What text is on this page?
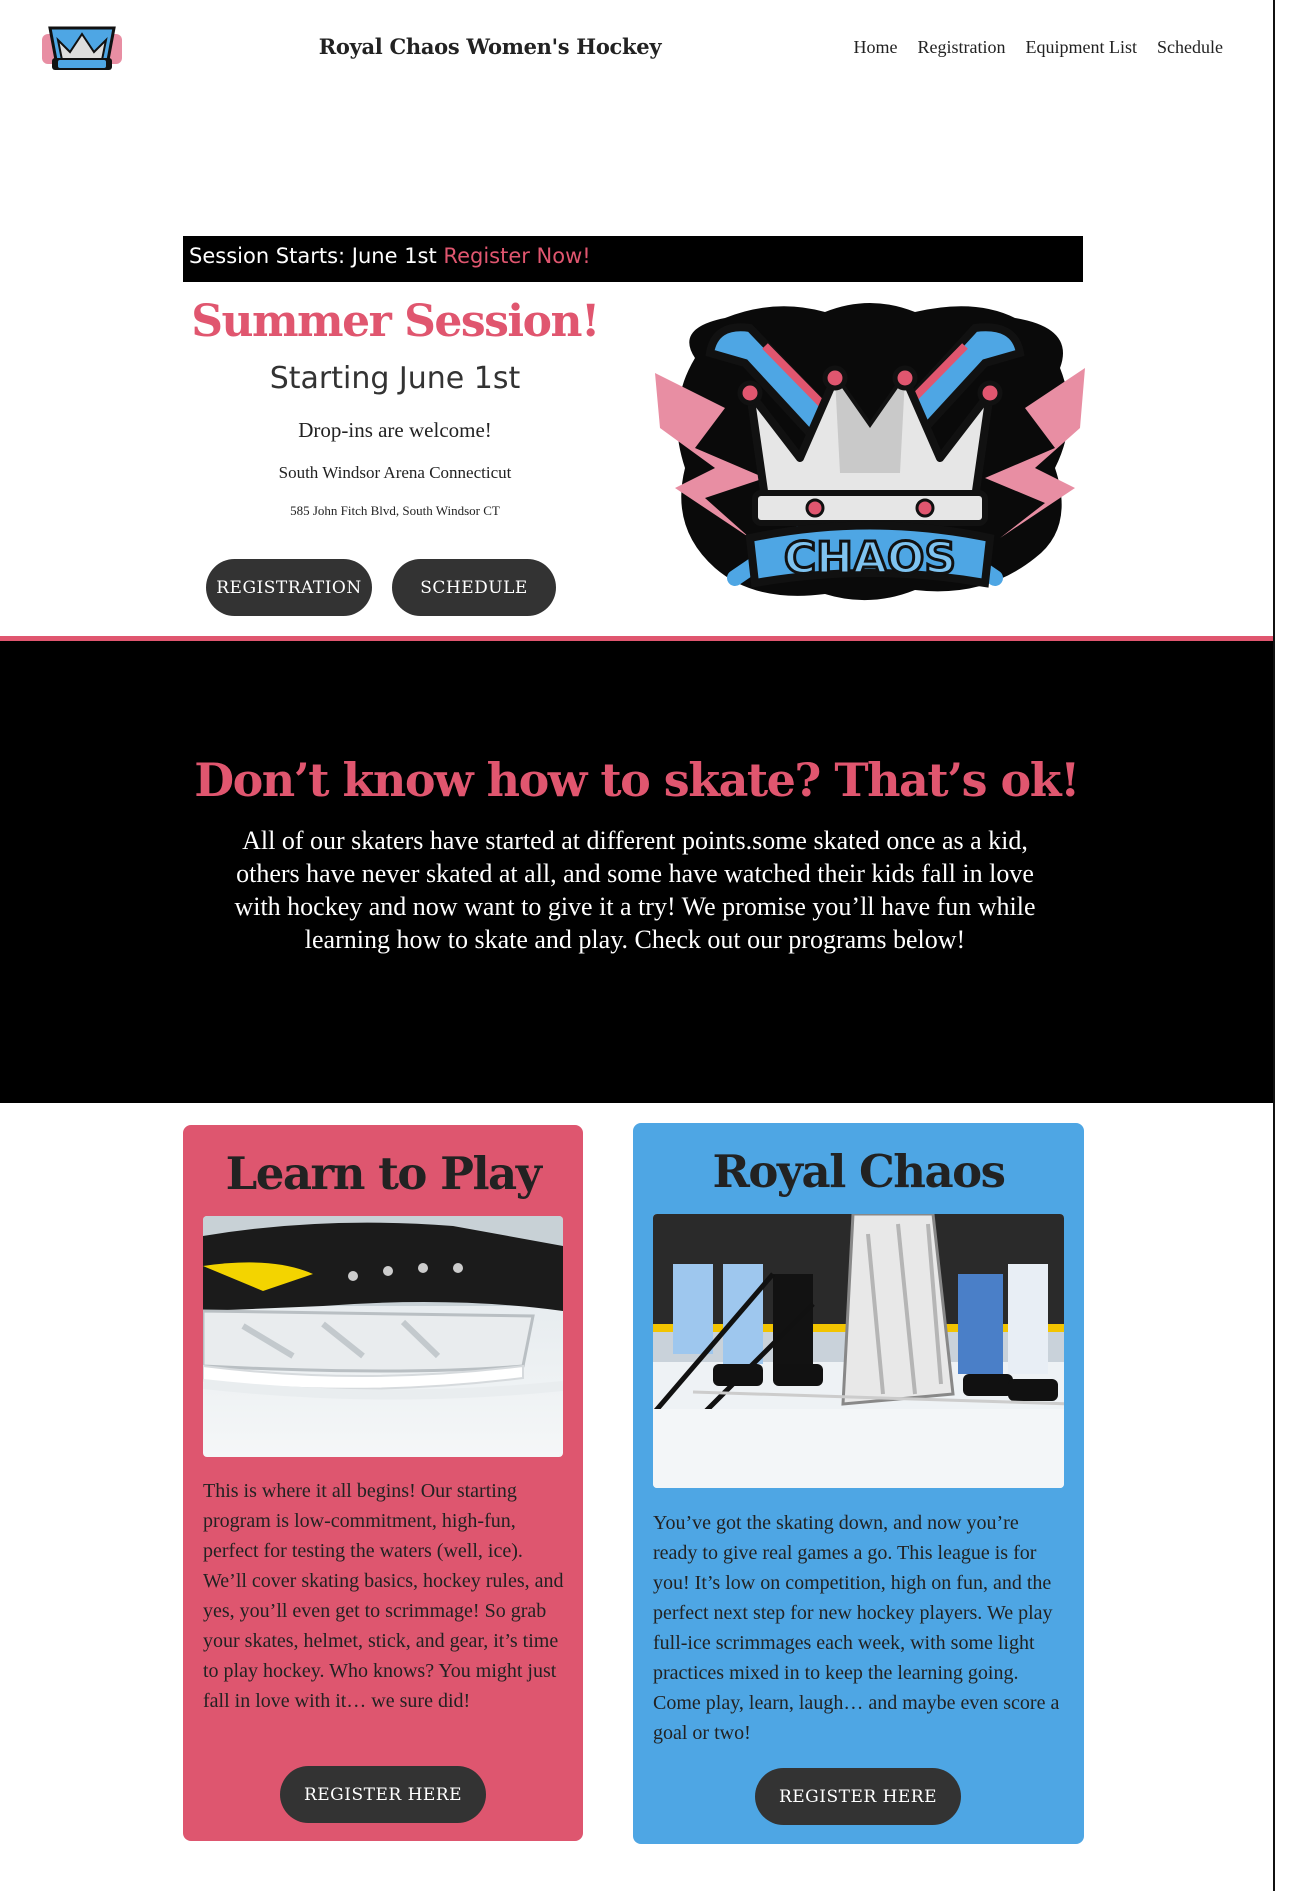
Royal Chaos Women's Hockey	Home Registration Equipment List Schedule
Session Starts: June 1st Register Now!
Summer Session!
Starting June 1st
Drop-ins are welcome!
South Windsor Arena Connecticut
585 John Fitch Blvd, South Windsor CT
REGISTRATION	SCHEDULE
CHAOS
Don’t know how to skate? That’s ok!

All of our skaters have started at different points.some skated once as a kid, others have never skated at all, and some have watched their kids fall in love with hockey and now want to give it a try! We promise you’ll have fun while learning how to skate and play. Check out our programs below!

Learn to Play

This is where it all begins! Our starting program is low-commitment, high-fun, perfect for testing the waters (well, ice). We’ll cover skating basics, hockey rules, and yes, you’ll even get to scrimmage! So grab your skates, helmet, stick, and gear, it’s time to play hockey. Who knows? You might just fall in love with it… we sure did!

REGISTER HERE
Royal Chaos

You’ve got the skating down, and now you’re ready to give real games a go. This league is for you! It’s low on competition, high on fun, and the perfect next step for new hockey players. We play full-ice scrimmages each week, with some light practices mixed in to keep the learning going. Come play, learn, laugh… and maybe even score a goal or two!

REGISTER HERE
